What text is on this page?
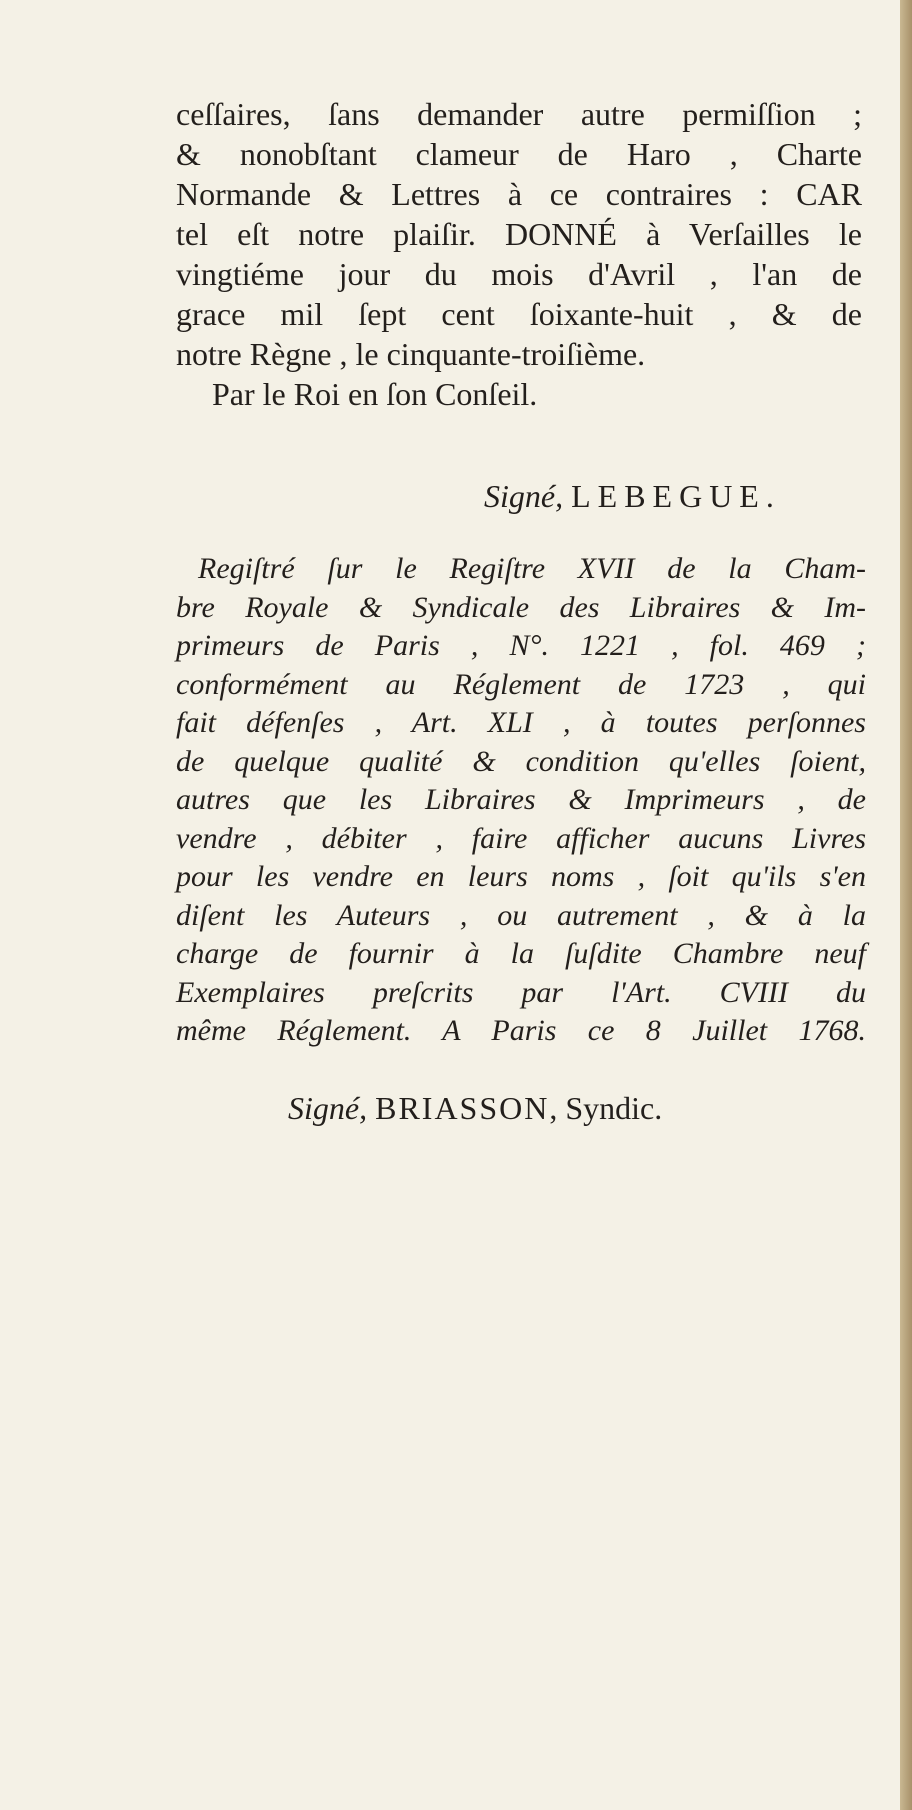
ceſſaires, ſans demander autre permiſſion ;
& nonobſtant clameur de Haro , Charte
Normande & Lettres à ce contraires : CAR
tel eſt notre plaiſir. DONNÉ à Verſailles le
vingtiéme jour du mois d'Avril , l'an de
grace mil ſept cent ſoixante-huit , & de
notre Règne , le cinquante-troiſième.
Par le Roi en ſon Conſeil.
Signé, LEBEGUE.
Regiſtré ſur le Regiſtre XVII de la Cham-
bre Royale & Syndicale des Libraires & Im-
primeurs de Paris , N°. 1221 , fol. 469 ;
conformément au Réglement de 1723 , qui
fait défenſes , Art. XLI , à toutes perſonnes
de quelque qualité & condition qu'elles ſoient,
autres que les Libraires & Imprimeurs , de
vendre , débiter , faire afficher aucuns Livres
pour les vendre en leurs noms , ſoit qu'ils s'en
diſent les Auteurs , ou autrement , & à la
charge de fournir à la ſuſdite Chambre neuf
Exemplaires preſcrits par l'Art. CVIII du
même Réglement. A Paris ce 8 Juillet 1768.
Signé, BRIASSON, Syndic.
